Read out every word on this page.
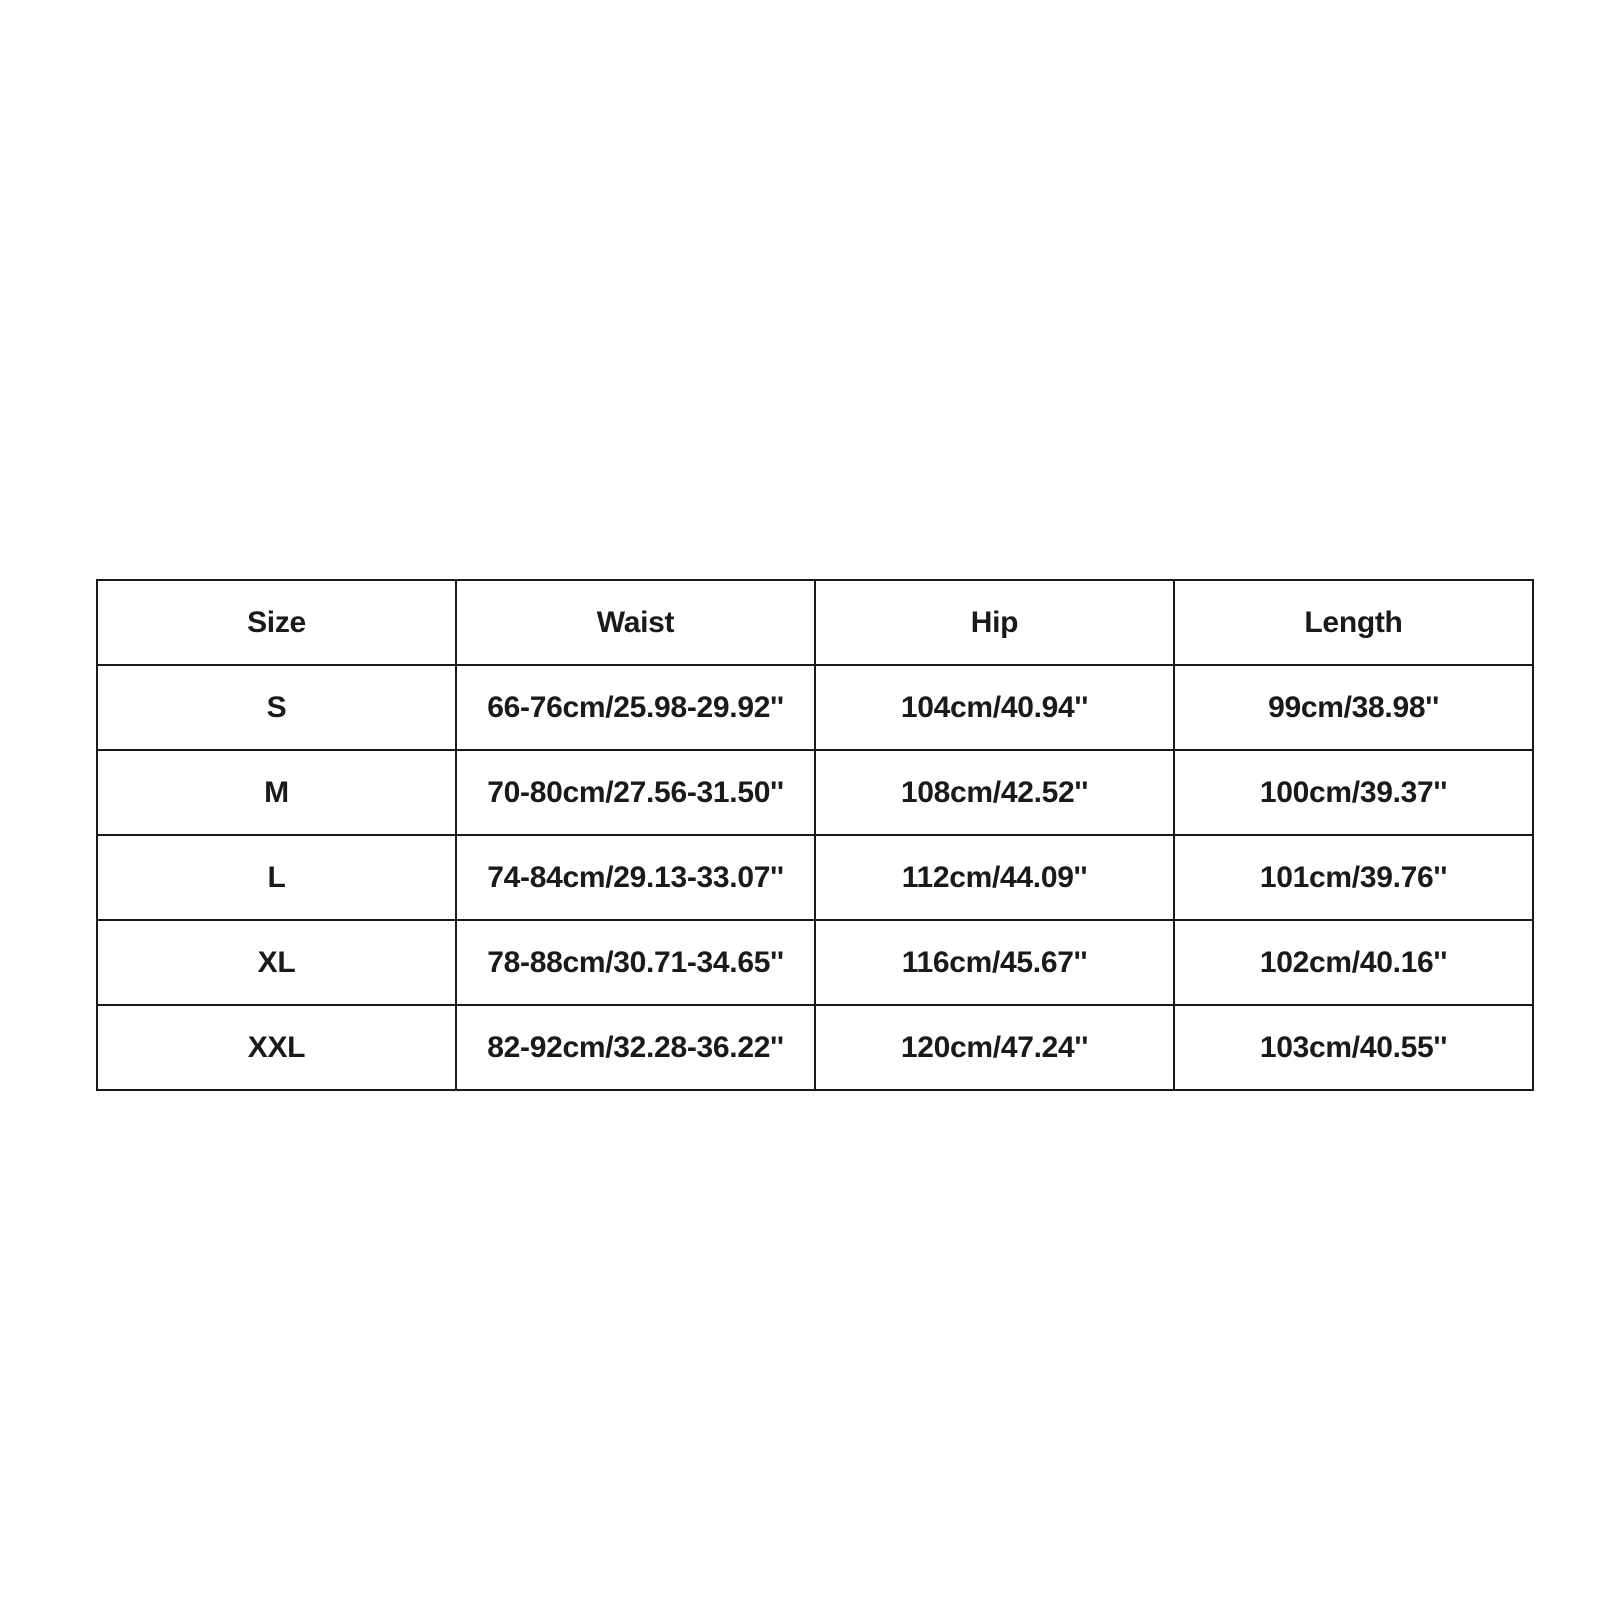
Size	Waist	Hip	Length
S	66-76cm/25.98-29.92''	104cm/40.94''	99cm/38.98''
M	70-80cm/27.56-31.50''	108cm/42.52''	100cm/39.37''
L	74-84cm/29.13-33.07''	112cm/44.09''	101cm/39.76''
XL	78-88cm/30.71-34.65''	116cm/45.67''	102cm/40.16''
XXL	82-92cm/32.28-36.22''	120cm/47.24''	103cm/40.55''
